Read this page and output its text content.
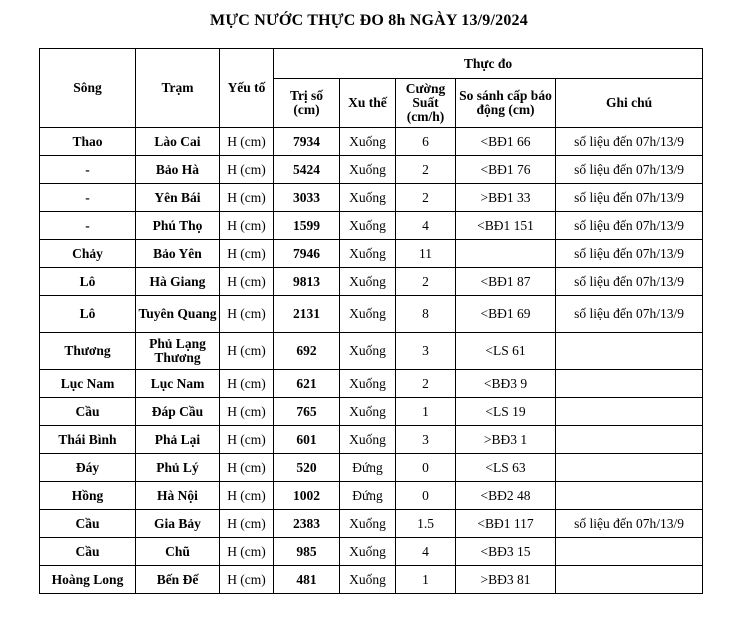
MỰC NƯỚC THỰC ĐO 8h NGÀY 13/9/2024
Sông	Trạm	Yếu tố	Thực đo				
			Trị số (cm)	Xu thế	Cường Suất (cm/h)	So sánh cấp báo động (cm)	Ghi chú
Thao	Lào Cai	H (cm)	7934	Xuống	6	<BĐ1 66	số liệu đến 07h/13/9
-	Bảo Hà	H (cm)	5424	Xuống	2	<BĐ1 76	số liệu đến 07h/13/9
-	Yên Bái	H (cm)	3033	Xuống	2	>BĐ1 33	số liệu đến 07h/13/9
-	Phú Thọ	H (cm)	1599	Xuống	4	<BĐ1 151	số liệu đến 07h/13/9
Chảy	Bảo Yên	H (cm)	7946	Xuống	11		số liệu đến 07h/13/9
Lô	Hà Giang	H (cm)	9813	Xuống	2	<BĐ1 87	số liệu đến 07h/13/9
Lô	Tuyên Quang	H (cm)	2131	Xuống	8	<BĐ1 69	số liệu đến 07h/13/9
Thương	Phủ Lạng Thương	H (cm)	692	Xuống	3	<LS 61	
Lục Nam	Lục Nam	H (cm)	621	Xuống	2	<BĐ3 9	
Cầu	Đáp Cầu	H (cm)	765	Xuống	1	<LS 19	
Thái Bình	Phả Lại	H (cm)	601	Xuống	3	>BĐ3 1	
Đáy	Phủ Lý	H (cm)	520	Đứng	0	<LS 63	
Hồng	Hà Nội	H (cm)	1002	Đứng	0	<BĐ2 48	
Cầu	Gia Bảy	H (cm)	2383	Xuống	1.5	<BĐ1 117	số liệu đến 07h/13/9
Cầu	Chũ	H (cm)	985	Xuống	4	<BĐ3 15	
Hoàng Long	Bến Đế	H (cm)	481	Xuống	1	>BĐ3 81	
